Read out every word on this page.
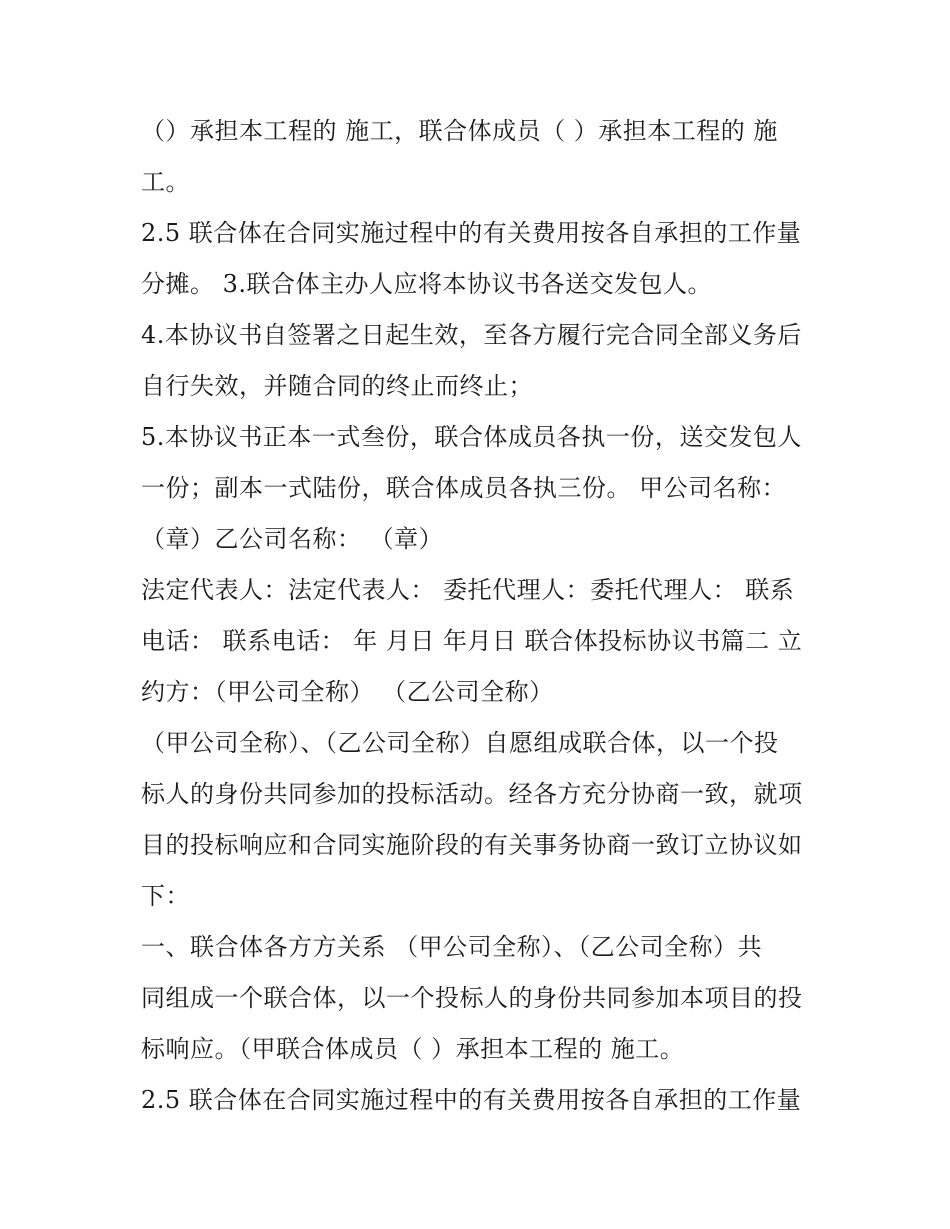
（）承担本工程的 施工，联合体成员（ ）承担本工程的 施
工。
2.5 联合体在合同实施过程中的有关费用按各自承担的工作量
分摊。 3.联合体主办人应将本协议书各送交发包人。
4.本协议书自签署之日起生效，至各方履行完合同全部义务后
自行失效，并随合同的终止而终止；
5.本协议书正本一式叁份，联合体成员各执一份，送交发包人
一份；副本一式陆份，联合体成员各执三份。 甲公司名称：
（章）乙公司名称： （章）
法定代表人：法定代表人： 委托代理人：委托代理人： 联系
电话： 联系电话： 年 月日 年月日 联合体投标协议书篇二 立
约方：（甲公司全称） （乙公司全称）
（甲公司全称）、（乙公司全称）自愿组成联合体，以一个投
标人的身份共同参加的投标活动。经各方充分协商一致，就项
目的投标响应和合同实施阶段的有关事务协商一致订立协议如
下：
一、联合体各方方关系 （甲公司全称）、（乙公司全称）共
同组成一个联合体，以一个投标人的身份共同参加本项目的投
标响应。（甲联合体成员（ ）承担本工程的 施工。
2.5 联合体在合同实施过程中的有关费用按各自承担的工作量
